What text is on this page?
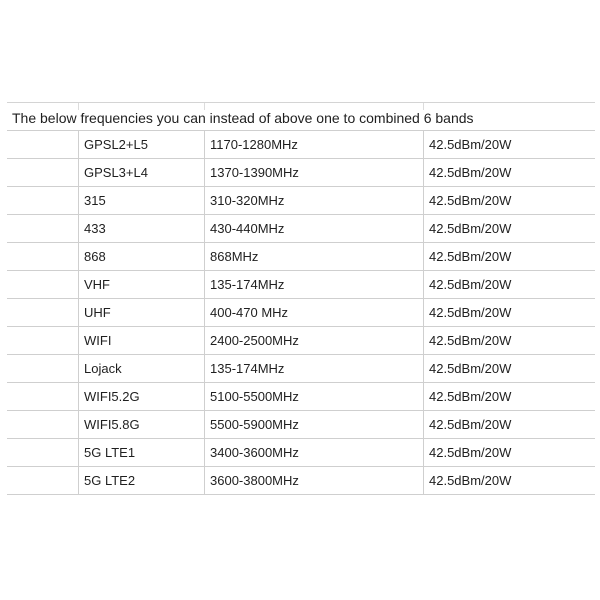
The below frequencies you can instead of above one to combined 6 bands
GPSL2+L5	1170-1280MHz	42.5dBm/20W
GPSL3+L4	1370-1390MHz	42.5dBm/20W
315	310-320MHz	42.5dBm/20W
433	430-440MHz	42.5dBm/20W
868	868MHz	42.5dBm/20W
VHF	135-174MHz	42.5dBm/20W
UHF	400-470 MHz	42.5dBm/20W
WIFI	2400-2500MHz	42.5dBm/20W
Lojack	135-174MHz	42.5dBm/20W
WIFI5.2G	5100-5500MHz	42.5dBm/20W
WIFI5.8G	5500-5900MHz	42.5dBm/20W
5G LTE1	3400-3600MHz	42.5dBm/20W
5G LTE2	3600-3800MHz	42.5dBm/20W
